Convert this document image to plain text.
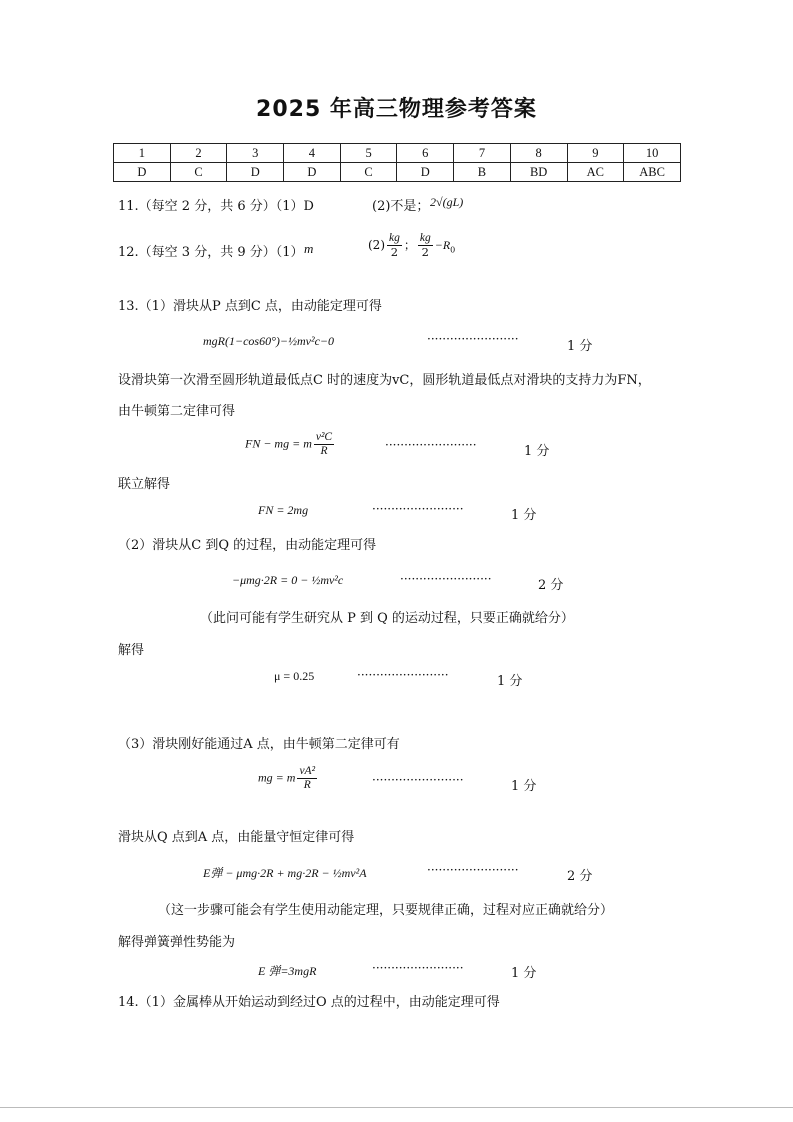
2025 年高三物理参考答案
1	2	3	4	5	6	7	8	9	10
D	C	D	D	C	D	B	BD	AC	ABC
11.（每空 2 分，共 6 分）（1）D	(2)不是； 2√(gL)
12.（每空 3 分，共 9 分）（1） m	$(2) \frac{kg}{2}$ ； $\frac{kg}{2} -R_0$
13.（1）滑块从P 点到C 点，由动能定理可得
mgR(1−cos60°)−½mv²c−0	························	1 分
设滑块第一次滑至圆形轨道最低点C 时的速度为vC，圆形轨道最低点对滑块的支持力为FN，
由牛顿第二定律可得
FN − mg = m $\frac{\text{v²C}}{R}$	························	1 分
联立解得
FN = 2mg	························	1 分
（2）滑块从C 到Q 的过程，由动能定理可得
−μmg·2R = 0 − ½mv²c	························	2 分
（此问可能有学生研究从 P 到 Q 的运动过程，只要正确就给分）
解得
μ = 0.25	························	1 分
（3）滑块刚好能通过A 点，由牛顿第二定律可有
mg = m $\frac{\text{vA²}}{R}$	························	1 分
滑块从Q 点到A 点，由能量守恒定律可得
E弹 − μmg·2R + mg·2R − ½mv²A	························	2 分
（这一步骤可能会有学生使用动能定理，只要规律正确，过程对应正确就给分）
解得弹簧弹性势能为
E 弹=3mgR	························	1 分
14.（1）金属棒从开始运动到经过O 点的过程中，由动能定理可得
